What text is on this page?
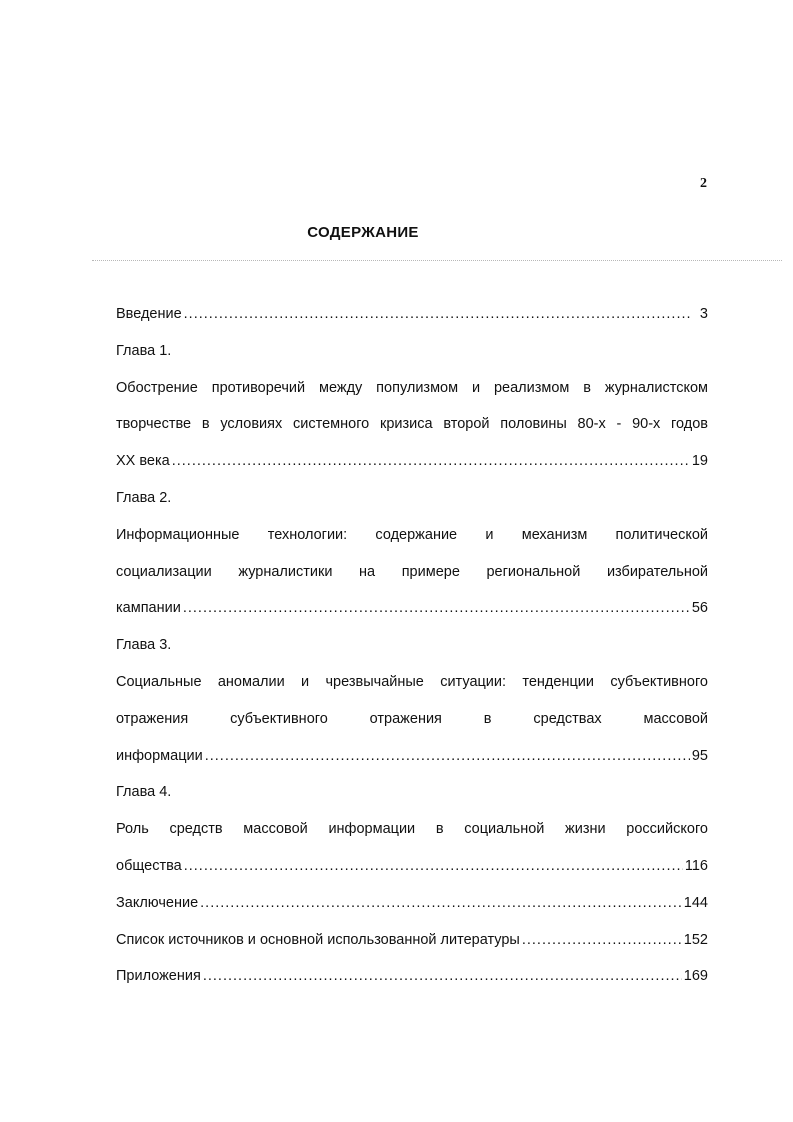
2
СОДЕРЖАНИЕ
Введение .....	3
Глава 1.
Обострение противоречий между популизмом и реализмом в журналистском
творчестве в условиях системного кризиса второй половины 80-х - 90-х годов
XX века .....	19
Глава 2.
Информационные технологии: содержание и механизм политической
социализации журналистики на примере региональной избирательной
кампании .....	56
Глава 3.
Социальные аномалии и чрезвычайные ситуации: тенденции субъективного
отражения субъективного отражения в средствах массовой
информации .....	95
Глава 4.
Роль средств массовой информации в социальной жизни российского
общества .....	116
Заключение .....	144
Список источников и основной использованной литературы .....	152
Приложения .....	169
